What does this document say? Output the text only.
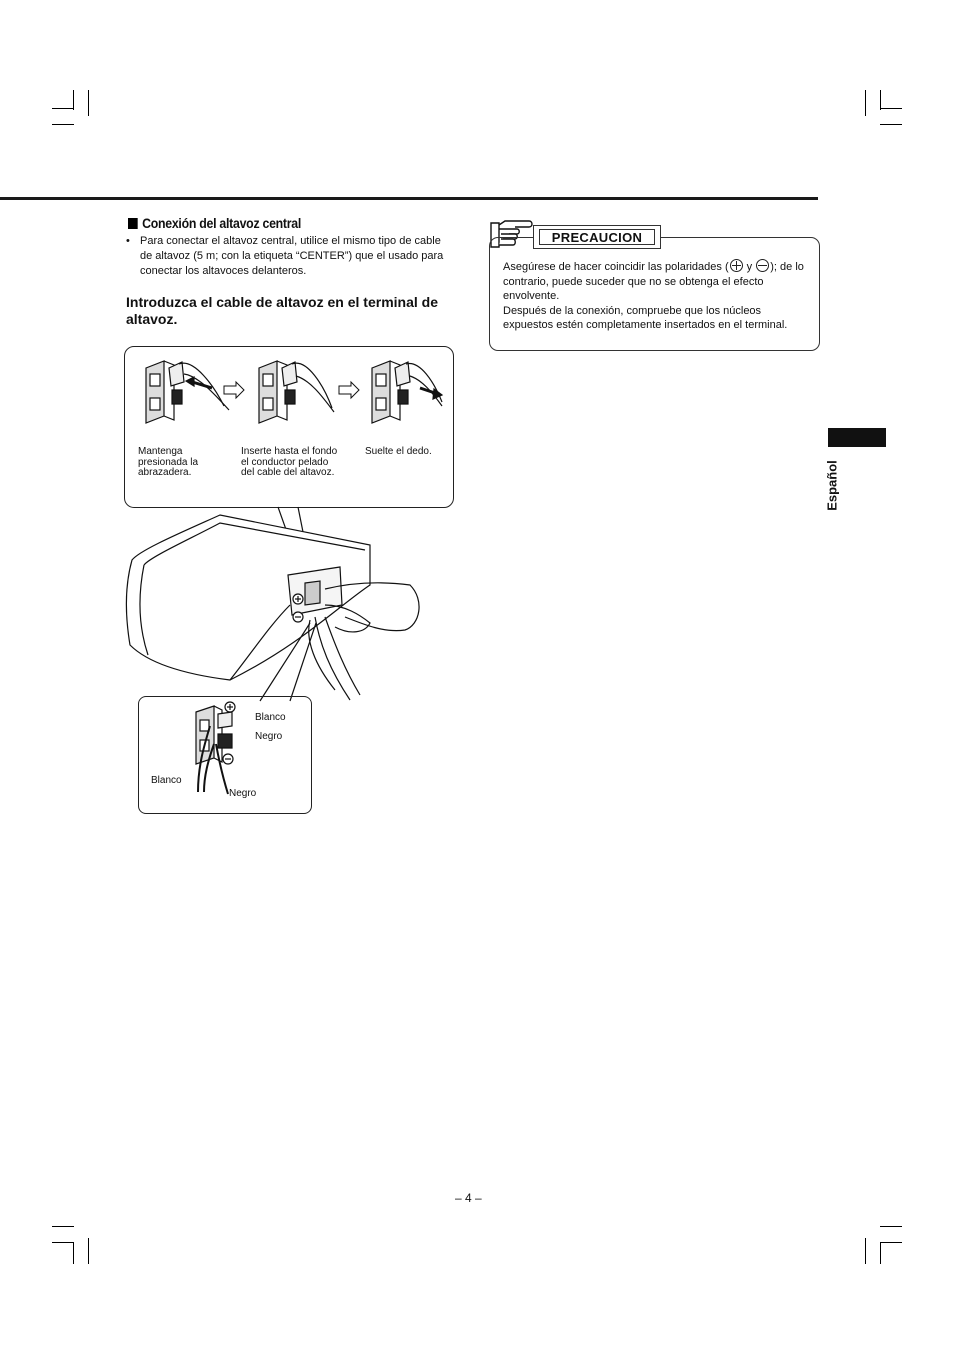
Conexión del altavoz central
• Para conectar el altavoz central, utilice el mismo tipo de cable de altavoz (5 m; con la etiqueta “CENTER”) que el usado para conectar los altavoces delanteros.
Introduzca el cable de altavoz en el terminal de altavoz.
Mantenga presionada la abrazadera.
Inserte hasta el fondo el conductor pelado del cable del altavoz.
Suelte el dedo.
Blanco
Negro
Blanco
Negro
PRECAUCION
Asegúrese de hacer coincidir las polaridades ( y ); de lo contrario, puede suceder que no se obtenga el efecto envolvente.
Después de la conexión, compruebe que los núcleos expuestos estén completamente insertados en el terminal.
Español
– 4 –
